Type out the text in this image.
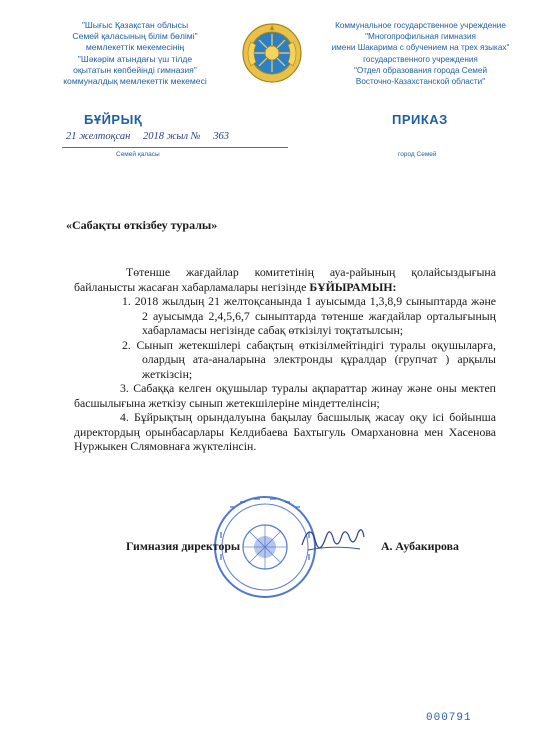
"Шығыс Қазақстан облысы
Семей қаласының білім бөлімі"
мемлекеттік мекемесінің
"Шәкәрім атындағы үш тілде
оқытатын көпбейінді гимназия"
коммуналдық мемлекеттік мекемесі
Коммунальное государственное учреждение
"Многопрофильная гимназия
имени Шакарима с обучением на трех языках"
государственного учреждения
"Отдел образования города Семей
Восточно-Казахстанской области"
БҰЙРЫҚ	ПРИКАЗ
21 желтоқсан 2018 жыл № 363
Семей қаласы	город Семей
«Сабақты өткізбеу туралы»

Төтенше жағдайлар комитетінің ауа-райының қолайсыздығына байланысты жасаған хабарламалары негізінде БҰЙЫРАМЫН:

1. 2018 жылдың 21 желтоқсанында 1 ауысымда 1,3,8,9 сыныптарда және 2 ауысымда 2,4,5,6,7 сыныптарда төтенше жағдайлар орталығының хабарламасы негізінде сабақ өткізілуі тоқтатылсын;

2. Сынып жетекшілері сабақтың өткізілмейтіндігі туралы оқушыларға, олардың ата-аналарына электронды құралдар (групчат ) арқылы жеткізсін;

3. Сабаққа келген оқушылар туралы ақпараттар жинау және оны мектеп басшылығына жеткізу сынып жетекшілеріне міндеттелінсін;

4. Бұйрықтың орындалуына бақылау басшылық жасау оқу ісі бойынша директордың орынбасарлары Келдибаева Бахтыгуль Омархановна мен Хасенова Нуржыкен Слямовнаға жүктелінсін.

Гимназия директоры	А. Аубакирова
000791
